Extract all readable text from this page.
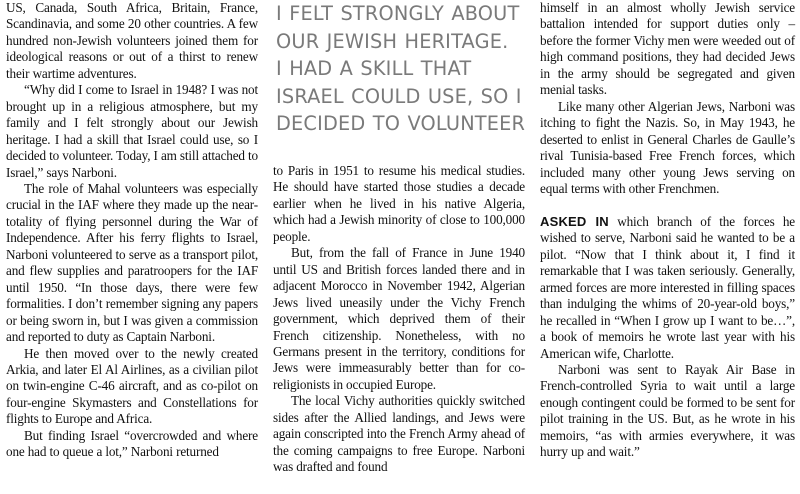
US, Canada, South Africa, Britain, France, Scandinavia, and some 20 other countries. A few hundred non-Jewish volunteers joined them for ideological reasons or out of a thirst to renew their wartime adventures.

“Why did I come to Israel in 1948? I was not brought up in a religious atmosphere, but my family and I felt strongly about our Jewish heritage. I had a skill that Israel could use, so I decided to volunteer. Today, I am still attached to Israel,” says Narboni.

The role of Mahal volunteers was especially crucial in the IAF where they made up the near-totality of flying personnel during the War of Independence. After his ferry flights to Israel, Narboni volunteered to serve as a transport pilot, and flew supplies and paratroopers for the IAF until 1950. “In those days, there were few formalities. I don’t remember signing any papers or being sworn in, but I was given a commission and reported to duty as Captain Narboni.

He then moved over to the newly created Arkia, and later El Al Airlines, as a civilian pilot on twin-engine C-46 aircraft, and as co-pilot on four-engine Skymasters and Constellations for flights to Europe and Africa.

But finding Israel “overcrowded and where one had to queue a lot,” Narboni returned

I FELT STRONGLY ABOUT
OUR JEWISH HERITAGE.
I HAD A SKILL THAT
ISRAEL COULD USE, SO I
DECIDED TO VOLUNTEER

to Paris in 1951 to resume his medical studies. He should have started those studies a decade earlier when he lived in his native Algeria, which had a Jewish minority of close to 100,000 people.

But, from the fall of France in June 1940 until US and British forces landed there and in adjacent Morocco in November 1942, Algerian Jews lived uneasily under the Vichy French government, which deprived them of their French citizenship. Nonetheless, with no Germans present in the territory, conditions for Jews were immeasurably better than for co-religionists in occupied Europe.

The local Vichy authorities quickly switched sides after the Allied landings, and Jews were again conscripted into the French Army ahead of the coming campaigns to free Europe. Narboni was drafted and found

himself in an almost wholly Jewish service battalion intended for support duties only – before the former Vichy men were weeded out of high command positions, they had decided Jews in the army should be segregated and given menial tasks.

Like many other Algerian Jews, Narboni was itching to fight the Nazis. So, in May 1943, he deserted to enlist in General Charles de Gaulle’s rival Tunisia-based Free French forces, which included many other young Jews serving on equal terms with other Frenchmen.

ASKED IN which branch of the forces he wished to serve, Narboni said he wanted to be a pilot. “Now that I think about it, I find it remarkable that I was taken seriously. Generally, armed forces are more interested in filling spaces than indulging the whims of 20-year-old boys,” he recalled in “When I grow up I want to be…”, a book of memoirs he wrote last year with his American wife, Charlotte.

Narboni was sent to Rayak Air Base in French-controlled Syria to wait until a large enough contingent could be formed to be sent for pilot training in the US. But, as he wrote in his memoirs, “as with armies everywhere, it was hurry up and wait.”
